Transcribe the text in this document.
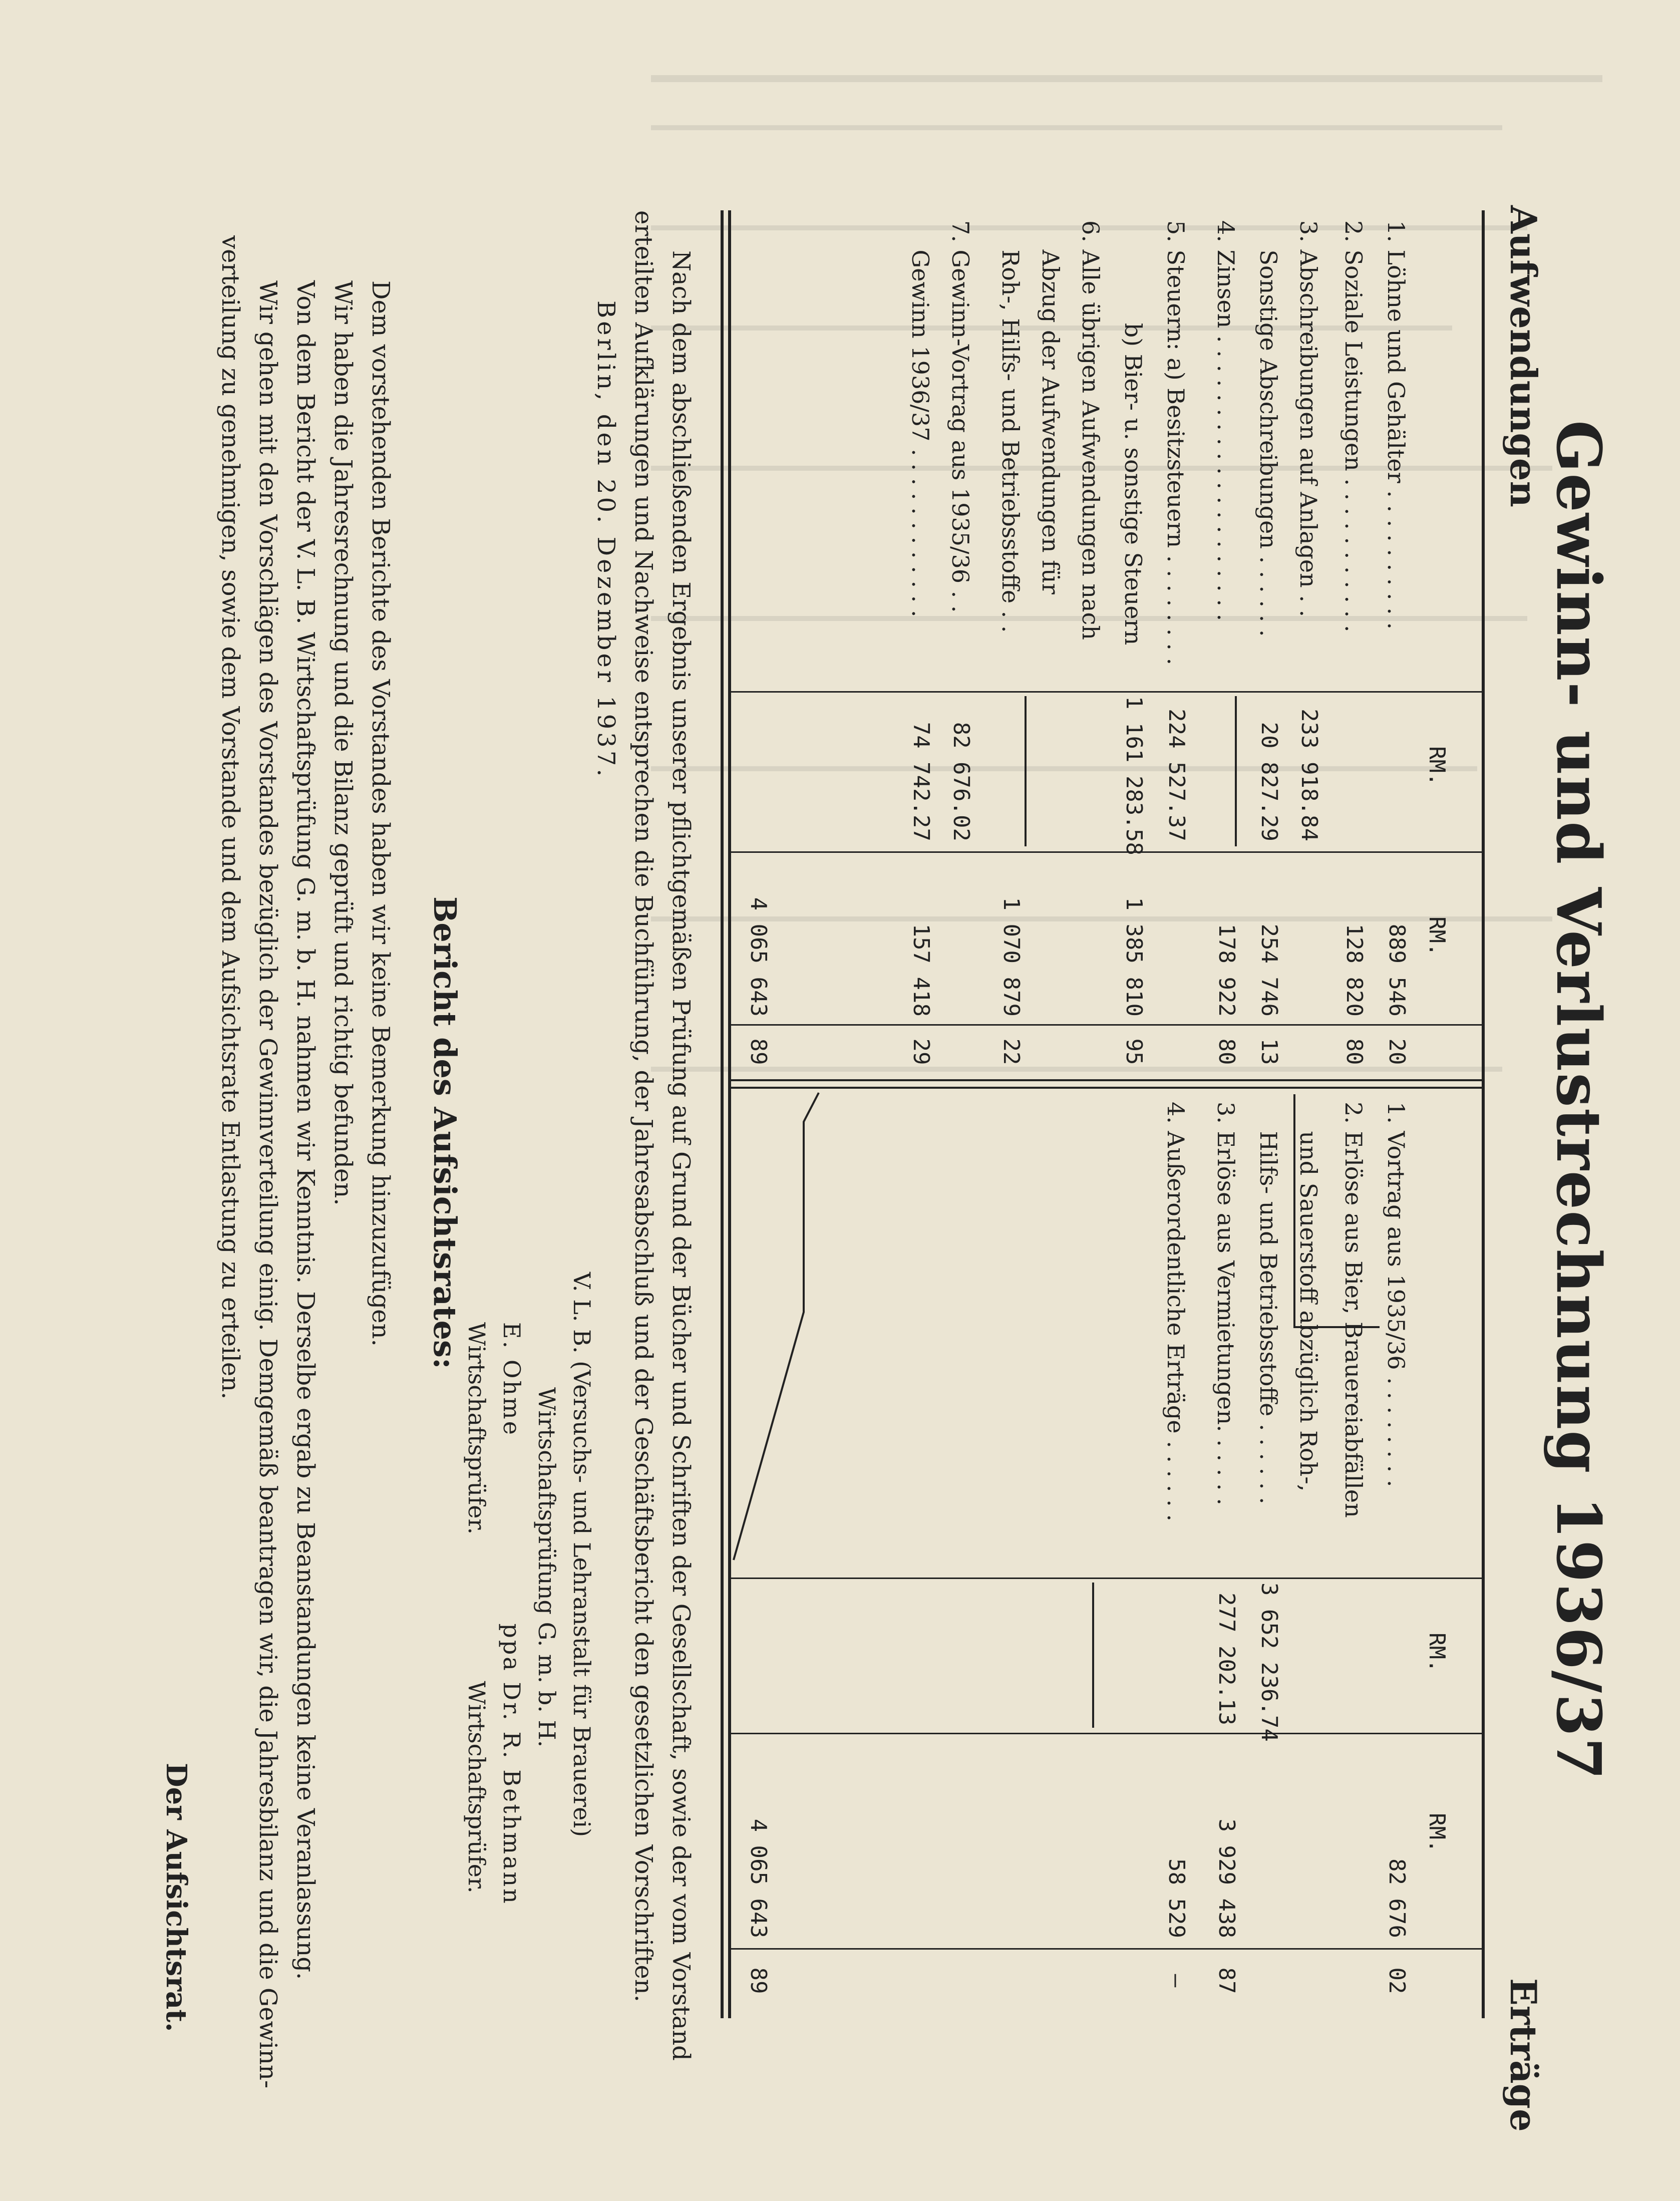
Gewinn- und Verlustrechnung 1936/37
Aufwendungen
Erträge
RM.
RM.
RM.
RM.
1. Löhne und Gehälter . . . . . . . . . .
889 546
20
2. Soziale Leistungen . . . . . . . . . . .
128 820
80
3. Abschreibungen auf Anlagen . .
233 918.84
Sonstige Abschreibungen . . . . . .
20 827.29
254 746
13
4. Zinsen . . . . . . . . . . . . . . . . . . . .
178 922
80
5. Steuern: a) Besitzsteuern . . . . . . . .
224 527.37
b) Bier- u. sonstige Steuern
1 161 283.58
1 385 810
95
6. Alle übrigen Aufwendungen nach
Abzug der Aufwendungen für
Roh-, Hilfs- und Betriebsstoffe . .
1 070 879
22
7. Gewinn-Vortrag aus 1935/36 . .
82 676.02
Gewinn 1936/37 . . . . . . . . . . . .
74 742.27
157 418
29
1. Vortrag aus 1935/36 . . . . . . . .
82 676
02
2. Erlöse aus Bier, Brauereiabfällen
und Sauerstoff abzüglich Roh-,
Hilfs- und Betriebsstoffe . . . . . .
3 652 236.74
3. Erlöse aus Vermietungen. . . . . .
277 202.13
3 929 438
87
4. Außerordentliche Erträge . . . . . .
58 529
—
4 065 643
89
4 065 643
89
Nach dem abschließenden Ergebnis unserer pflichtgemäßen Prüfung auf Grund der Bücher und Schriften der Gesellschaft, sowie der vom Vorstand
erteilten Aufklärungen und Nachweise entsprechen die Buchführung, der Jahresabschluß und der Geschäftsbericht den gesetzlichen Vorschriften.
Berlin, den 20. Dezember 1937.
V. L. B. (Versuchs- und Lehranstalt für Brauerei)
Wirtschaftsprüfung G. m. b. H.
E. Ohme                    ppa Dr. R. Bethmann
Wirtschaftsprüfer.                    Wirtschaftsprüfer.
Bericht des Aufsichtsrates:
Dem vorstehenden Berichte des Vorstandes haben wir keine Bemerkung hinzuzufügen.
Wir haben die Jahresrechnung und die Bilanz geprüft und richtig befunden.
Von dem Bericht der V. L. B. Wirtschaftsprüfung G. m. b. H. nahmen wir Kenntnis. Derselbe ergab zu Beanstandungen keine Veranlassung.
Wir gehen mit den Vorschlägen des Vorstandes bezüglich der Gewinnverteilung einig. Demgemäß beantragen wir, die Jahresbilanz und die Gewinn-
verteilung zu genehmigen, sowie dem Vorstande und dem Aufsichtsrate Entlastung zu erteilen.
Der Aufsichtsrat.
